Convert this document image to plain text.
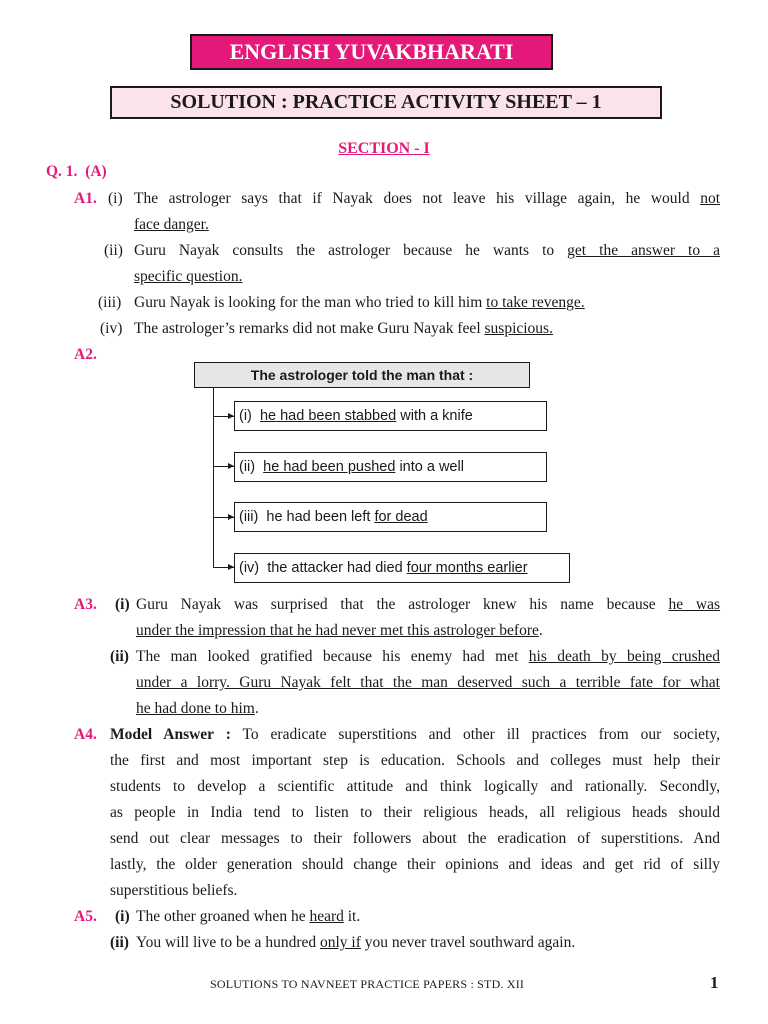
ENGLISH YUVAKBHARATI
SOLUTION : PRACTICE ACTIVITY SHEET – 1
SECTION - I
Q. 1. (A)
A1. (i) The astrologer says that if Nayak does not leave his village again, he would not
face danger.
(ii) Guru Nayak consults the astrologer because he wants to get the answer to a
specific question.
(iii) Guru Nayak is looking for the man who tried to kill him to take revenge.
(iv) The astrologer’s remarks did not make Guru Nayak feel suspicious.
A2.
The astrologer told the man that :
(i) he had been stabbed with a knife
(ii) he had been pushed into a well
(iii) he had been left for dead
(iv) the attacker had died four months earlier
A3. (i) Guru Nayak was surprised that the astrologer knew his name because he was
under the impression that he had never met this astrologer before.
(ii) The man looked gratified because his enemy had met his death by being crushed
under a lorry. Guru Nayak felt that the man deserved such a terrible fate for what
he had done to him.
A4. Model Answer : To eradicate superstitions and other ill practices from our society,
the first and most important step is education. Schools and colleges must help their
students to develop a scientific attitude and think logically and rationally. Secondly,
as people in India tend to listen to their religious heads, all religious heads should
send out clear messages to their followers about the eradication of superstitions. And
lastly, the older generation should change their opinions and ideas and get rid of silly
superstitious beliefs.
A5. (i) The other groaned when he heard it.
(ii) You will live to be a hundred only if you never travel southward again.
SOLUTIONS TO NAVNEET PRACTICE PAPERS : STD. XII	1
